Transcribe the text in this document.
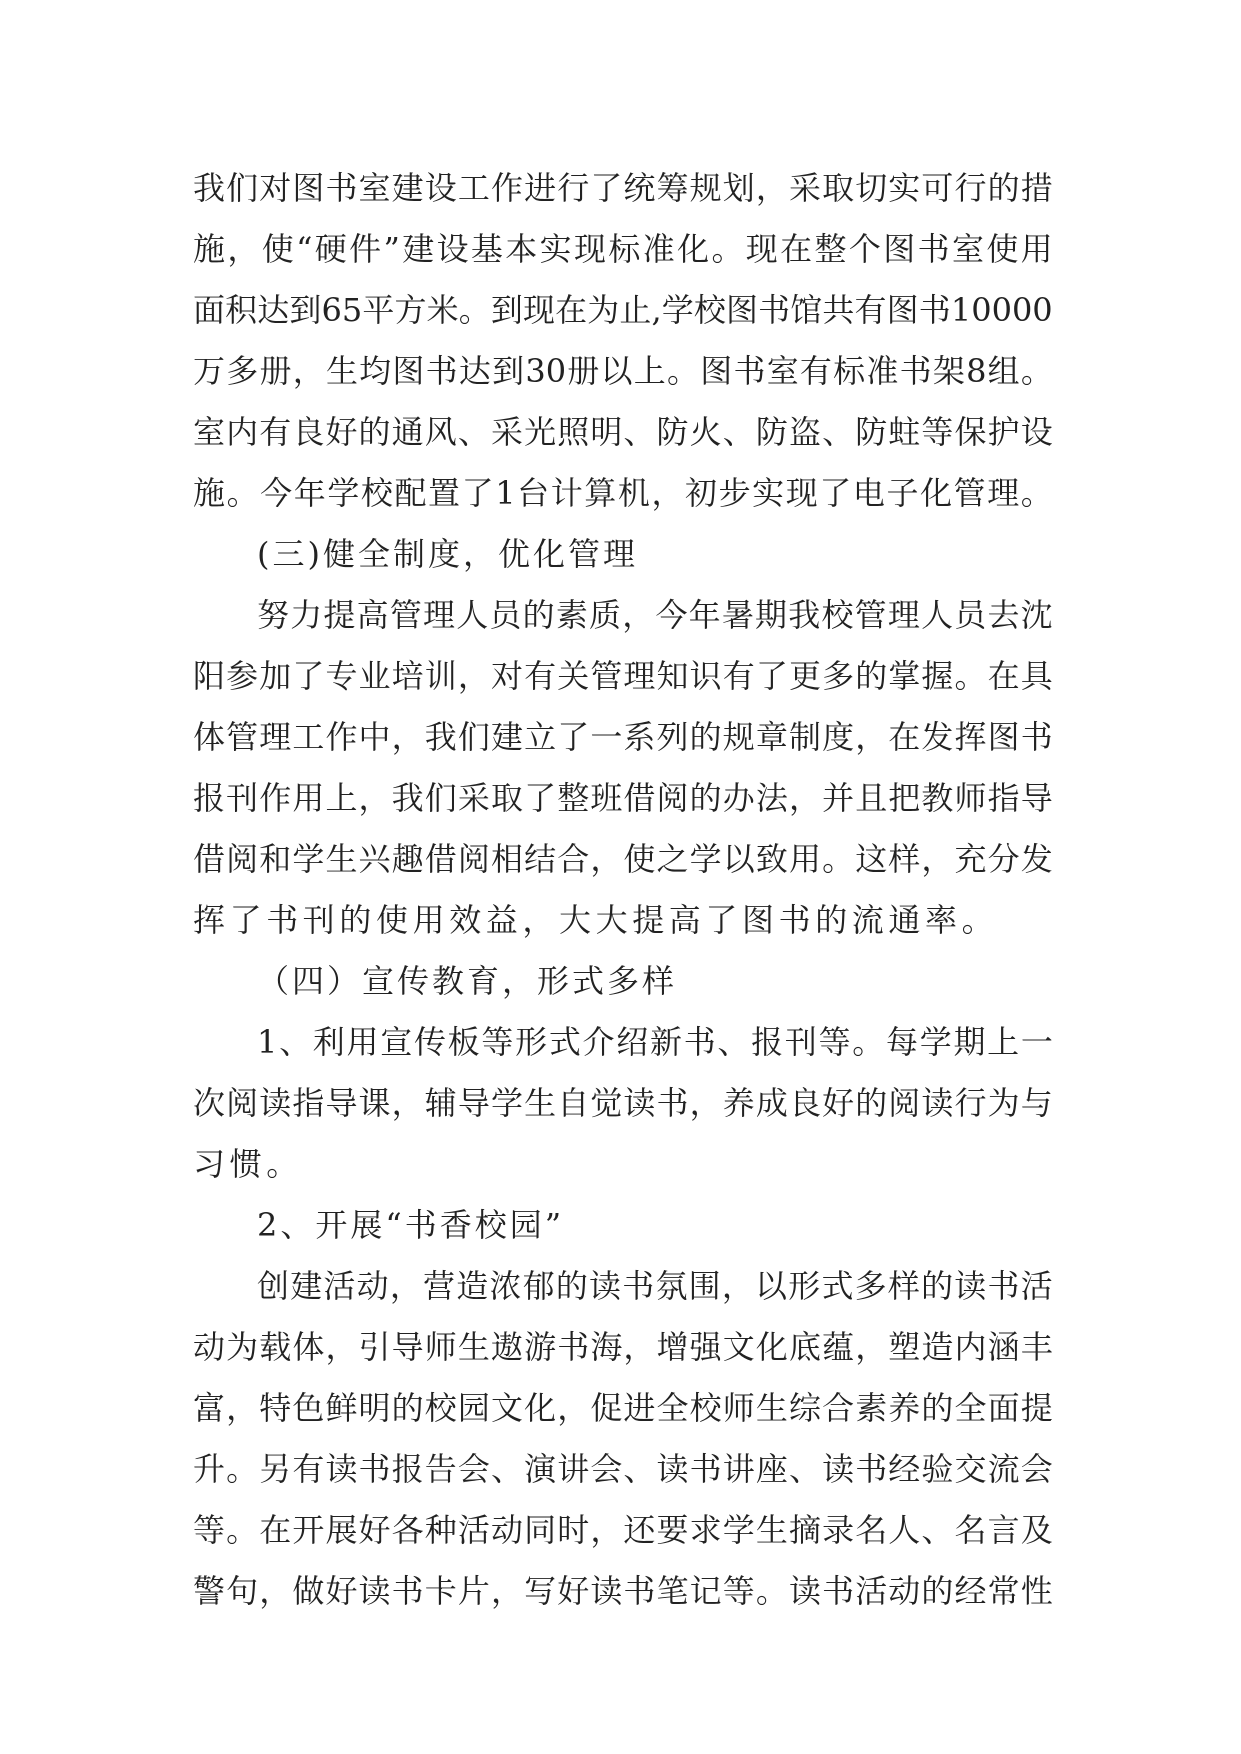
我 们 对 图 书 室 建 设 工 作 进 行 了 统 筹 规 划 ， 采 取 切 实 可 行 的 措
施 ， 使 “ 硬 件 ” 建 设 基 本 实 现 标 准 化 。 现 在 整 个 图 书 室 使 用
面 积 达 到 65 平 方 米 。 到 现 在 为 止 , 学 校 图 书 馆 共 有 图 书 10000
万 多 册 ， 生 均 图 书 达 到 30 册 以 上 。 图 书 室 有 标 准 书 架 8 组 。
室 内 有 良 好 的 通 风 、 采 光 照 明 、 防 火 、 防 盗 、 防 蛀 等 保 护 设
施 。 今 年 学 校 配 置 了 1 台 计 算 机 ， 初 步 实 现 了 电 子 化 管 理 。
(三)健全制度，优化管理
努 力 提 高 管 理 人 员 的 素 质 ， 今 年 暑 期 我 校 管 理 人 员 去 沈
阳 参 加 了 专 业 培 训 ， 对 有 关 管 理 知 识 有 了 更 多 的 掌 握 。 在 具
体 管 理 工 作 中 ， 我 们 建 立 了 一 系 列 的 规 章 制 度 ， 在 发 挥 图 书
报 刊 作 用 上 ， 我 们 采 取 了 整 班 借 阅 的 办 法 ， 并 且 把 教 师 指 导
借 阅 和 学 生 兴 趣 借 阅 相 结 合 ， 使 之 学 以 致 用 。 这 样 ， 充 分 发
挥了书刊的使用效益，大大提高了图书的流通率。
（四）宣传教育，形式多样
1 、 利 用 宣 传 板 等 形 式 介 绍 新 书 、 报 刊 等 。 每 学 期 上 一
次 阅 读 指 导 课 ， 辅 导 学 生 自 觉 读 书 ， 养 成 良 好 的 阅 读 行 为 与
习惯。
2、开展“书香校园”
创 建 活 动 ， 营 造 浓 郁 的 读 书 氛 围 ， 以 形 式 多 样 的 读 书 活
动 为 载 体 ， 引 导 师 生 遨 游 书 海 ， 增 强 文 化 底 蕴 ， 塑 造 内 涵 丰
富 ， 特 色 鲜 明 的 校 园 文 化 ， 促 进 全 校 师 生 综 合 素 养 的 全 面 提
升 。 另 有 读 书 报 告 会 、 演 讲 会 、 读 书 讲 座 、 读 书 经 验 交 流 会
等 。 在 开 展 好 各 种 活 动 同 时 ， 还 要 求 学 生 摘 录 名 人 、 名 言 及
警 句 ， 做 好 读 书 卡 片 ， 写 好 读 书 笔 记 等 。 读 书 活 动 的 经 常 性
